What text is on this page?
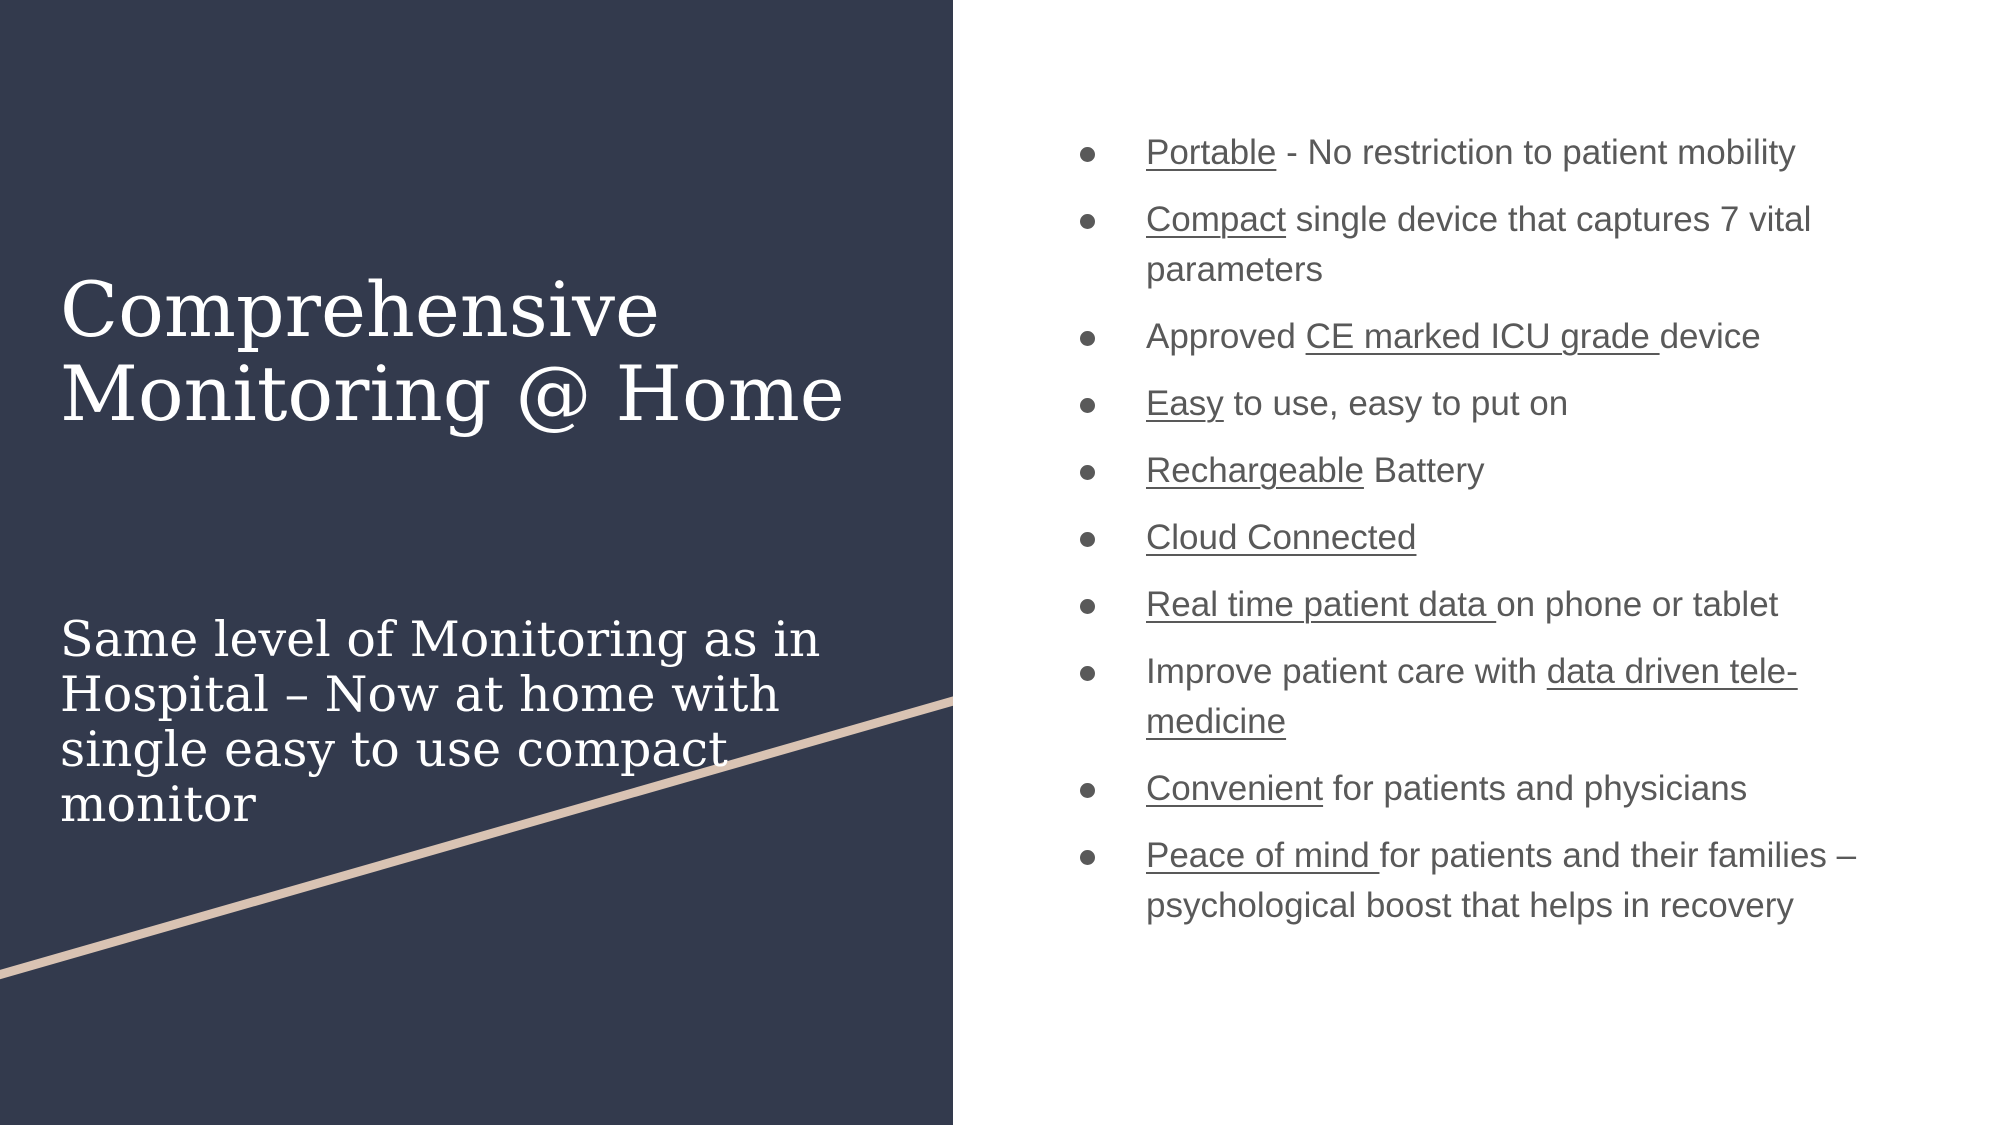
Comprehensive Monitoring @ Home

Same level of Monitoring as in Hospital – Now at home with single easy to use compact monitor

Portable - No restriction to patient mobility
Compact single device that captures 7 vital parameters
Approved CE marked ICU grade device
Easy to use, easy to put on
Rechargeable Battery
Cloud Connected
Real time patient data on phone or tablet
Improve patient care with data driven tele-medicine
Convenient for patients and physicians
Peace of mind for patients and their families – psychological boost that helps in recovery
